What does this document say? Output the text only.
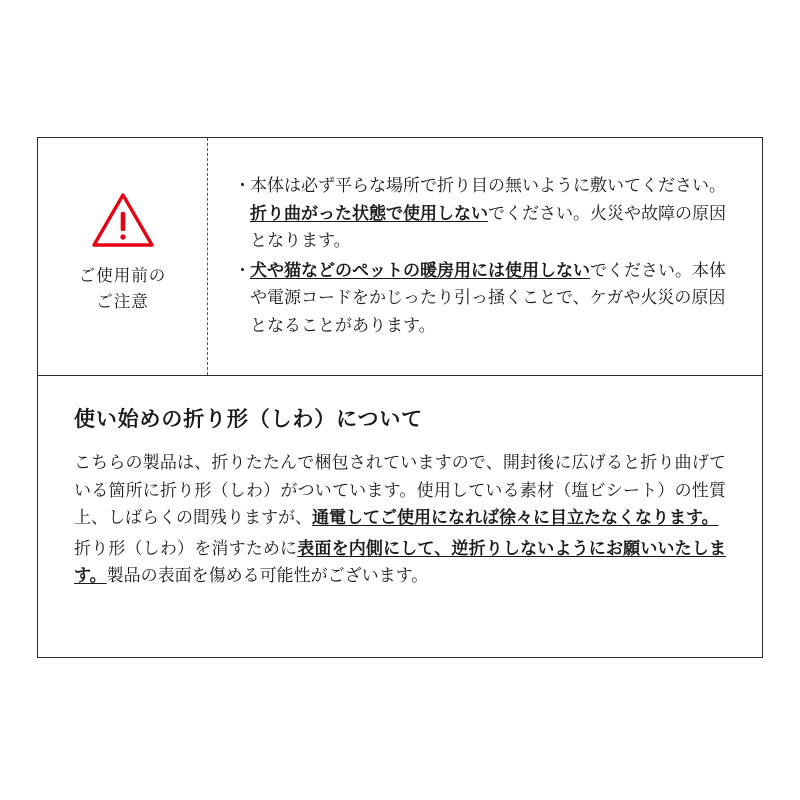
ご使用前の
ご注意
・ 本体は必ず平らな場所で折り目の無いように敷いてください。折り曲がった状態で使用しないでください。火災や故障の原因となります。
・ 犬や猫などのペットの暖房用には使用しないでください。本体や電源コードをかじったり引っ掻くことで、ケガや火災の原因となることがあります。
使い始めの折り形（しわ）について

こちらの製品は、折りたたんで梱包されていますので、開封後に広げると折り曲げている箇所に折り形（しわ）がついています。使用している素材（塩ビシート）の性質上、しばらくの間残りますが、通電してご使用になれば徐々に目立たなくなります。

折り形（しわ）を消すために表面を内側にして、逆折りしないようにお願いいたします。製品の表面を傷める可能性がございます。
